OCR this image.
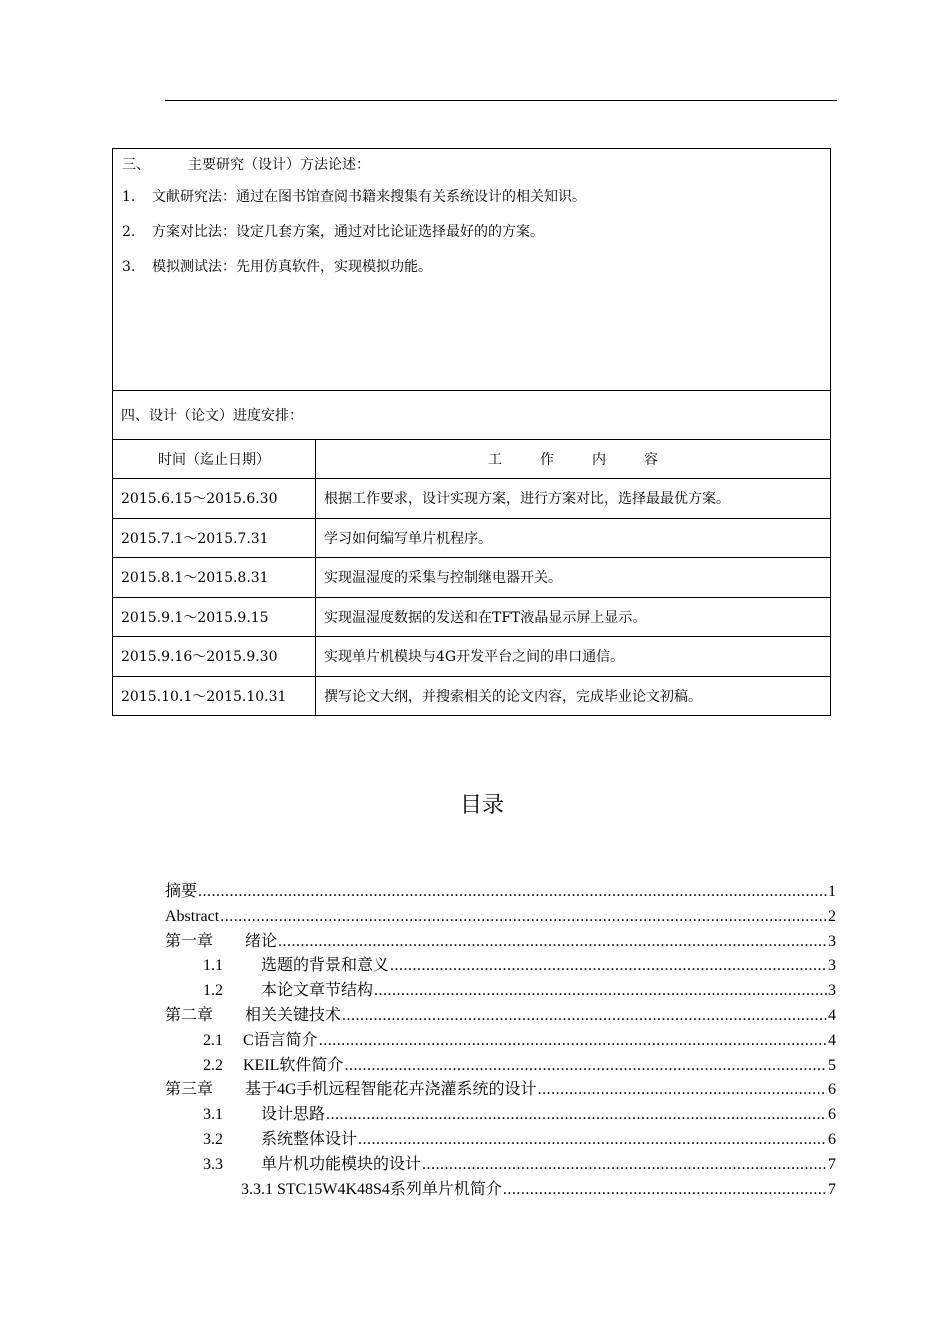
三、 主要研究（设计）方法论述：
1. 文献研究法：通过在图书馆查阅书籍来搜集有关系统设计的相关知识。
2. 方案对比法：设定几套方案，通过对比论证选择最好的的方案。
3. 模拟测试法：先用仿真软件，实现模拟功能。	

四、设计（论文）进度安排：	
时间（迄止日期）	工 作 内 容
2015.6.15～2015.6.30	根据工作要求，设计实现方案，进行方案对比，选择最最优方案。
2015.7.1～2015.7.31	学习如何编写单片机程序。
2015.8.1～2015.8.31	实现温湿度的采集与控制继电器开关。
2015.9.1～2015.9.15	实现温湿度数据的发送和在TFT液晶显示屏上显示。
2015.9.16～2015.9.30	实现单片机模块与4G开发平台之间的串口通信。
2015.10.1～2015.10.31	撰写论文大纲，并搜索相关的论文内容，完成毕业论文初稿。
目录
摘要 .....	1
Abstract .....	2
第一章 绪论 .....	3
1.1 选题的背景和意义 .....	3
1.2 本论文章节结构 .....	3
第二章 相关关键技术 .....	4
2.1 C语言简介 .....	4
2.2 KEIL软件简介 .....	5
第三章 基于4G手机远程智能花卉浇灌系统的设计 .....	6
3.1 设计思路 .....	6
3.2 系统整体设计 .....	6
3.3 单片机功能模块的设计 .....	7
3.3.1 STC15W4K48S4系列单片机简介 .....	7
